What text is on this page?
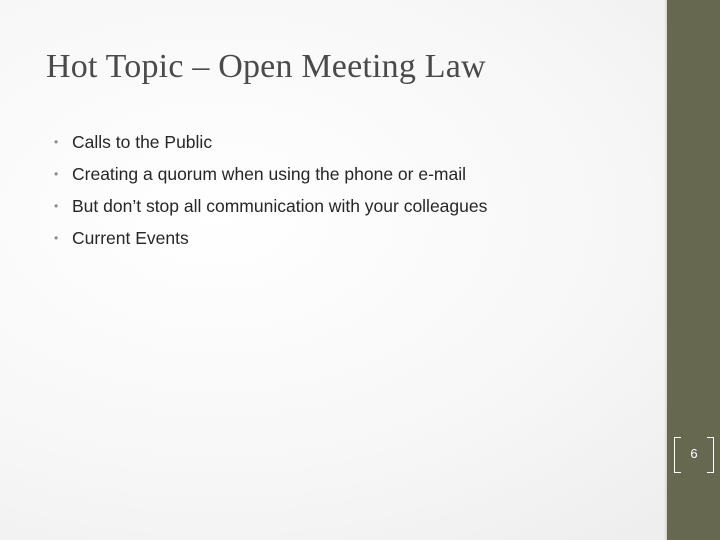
Hot Topic – Open Meeting Law
• Calls to the Public
• Creating a quorum when using the phone or e-mail
• But don’t stop all communication with your colleagues
• Current Events
6
